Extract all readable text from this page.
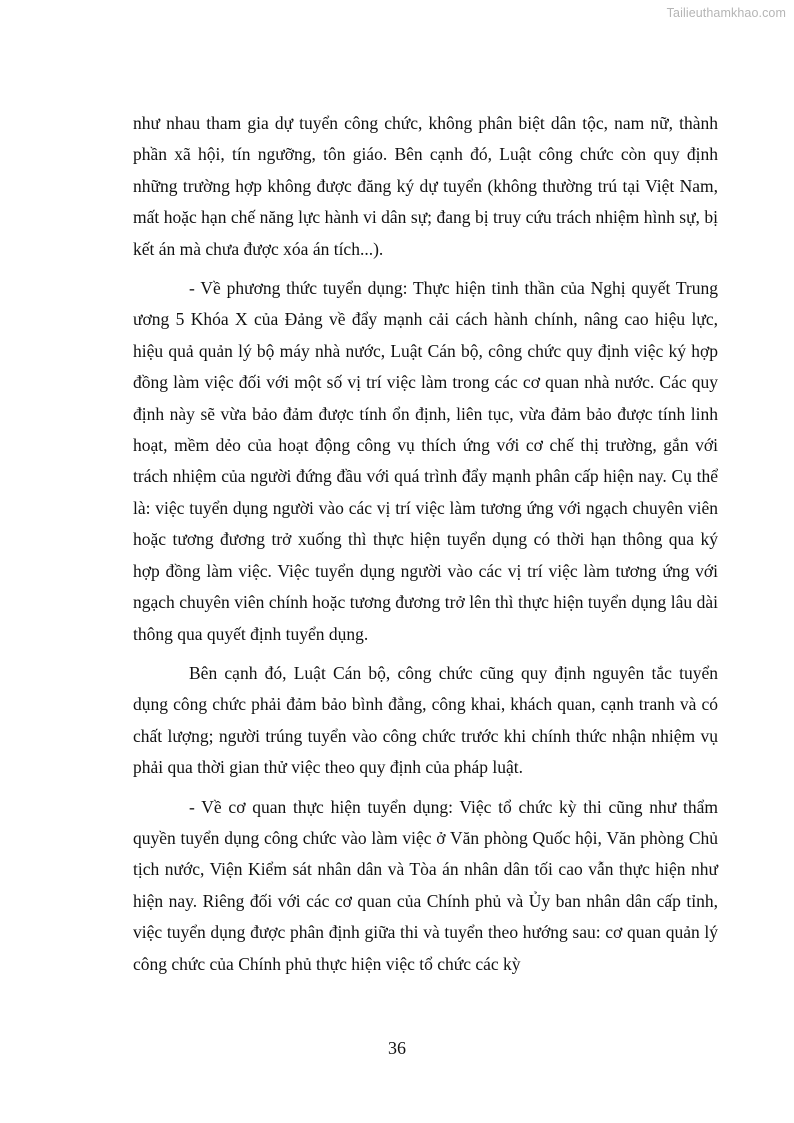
Tailieuthamkhao.com

như nhau tham gia dự tuyển công chức, không phân biệt dân tộc, nam nữ, thành phần xã hội, tín ngưỡng, tôn giáo. Bên cạnh đó, Luật công chức còn quy định những trường hợp không được đăng ký dự tuyển (không thường trú tại Việt Nam, mất hoặc hạn chế năng lực hành vi dân sự; đang bị truy cứu trách nhiệm hình sự, bị kết án mà chưa được xóa án tích...).

- Về phương thức tuyển dụng: Thực hiện tinh thần của Nghị quyết Trung ương 5 Khóa X của Đảng về đẩy mạnh cải cách hành chính, nâng cao hiệu lực, hiệu quả quản lý bộ máy nhà nước, Luật Cán bộ, công chức quy định việc ký hợp đồng làm việc đối với một số vị trí việc làm trong các cơ quan nhà nước. Các quy định này sẽ vừa bảo đảm được tính ổn định, liên tục, vừa đảm bảo được tính linh hoạt, mềm dẻo của hoạt động công vụ thích ứng với cơ chế thị trường, gắn với trách nhiệm của người đứng đầu với quá trình đẩy mạnh phân cấp hiện nay. Cụ thể là: việc tuyển dụng người vào các vị trí việc làm tương ứng với ngạch chuyên viên hoặc tương đương trở xuống thì thực hiện tuyển dụng có thời hạn thông qua ký hợp đồng làm việc. Việc tuyển dụng người vào các vị trí việc làm tương ứng với ngạch chuyên viên chính hoặc tương đương trở lên thì thực hiện tuyển dụng lâu dài thông qua quyết định tuyển dụng.

Bên cạnh đó, Luật Cán bộ, công chức cũng quy định nguyên tắc tuyển dụng công chức phải đảm bảo bình đẳng, công khai, khách quan, cạnh tranh và có chất lượng; người trúng tuyển vào công chức trước khi chính thức nhận nhiệm vụ phải qua thời gian thử việc theo quy định của pháp luật.

- Về cơ quan thực hiện tuyển dụng: Việc tổ chức kỳ thi cũng như thẩm quyền tuyển dụng công chức vào làm việc ở Văn phòng Quốc hội, Văn phòng Chủ tịch nước, Viện Kiểm sát nhân dân và Tòa án nhân dân tối cao vẫn thực hiện như hiện nay. Riêng đối với các cơ quan của Chính phủ và Ủy ban nhân dân cấp tỉnh, việc tuyển dụng được phân định giữa thi và tuyển theo hướng sau: cơ quan quản lý công chức của Chính phủ thực hiện việc tổ chức các kỳ

36
